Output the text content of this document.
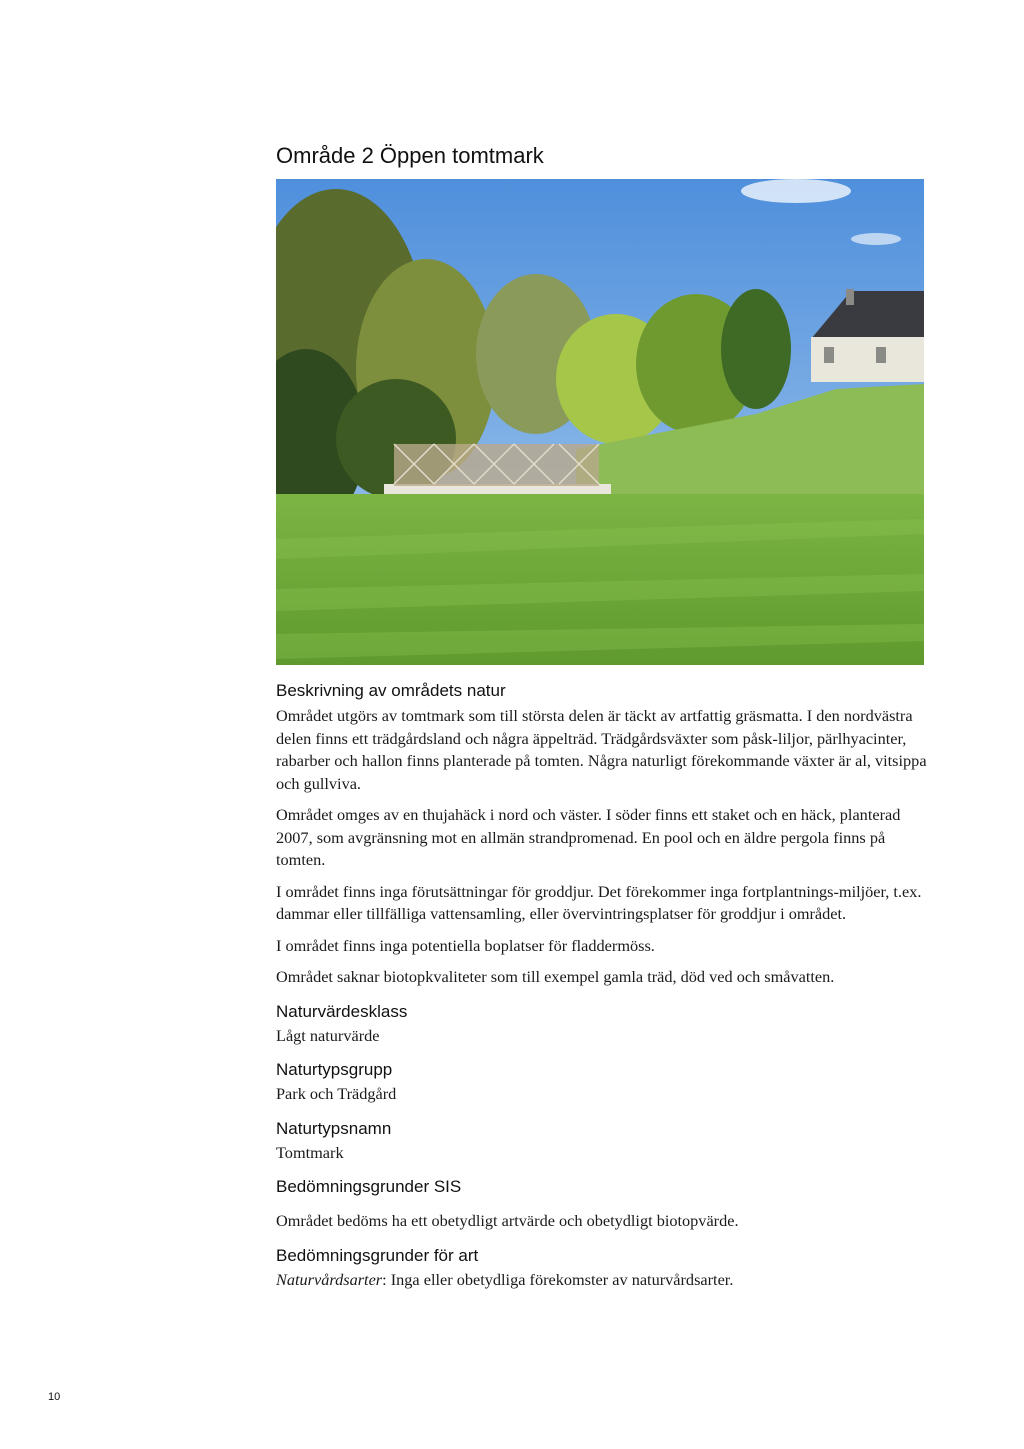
Område 2 Öppen tomtmark
Beskrivning av områdets natur

Området utgörs av tomtmark som till största delen är täckt av artfattig gräsmatta. I den nordvästra delen finns ett trädgårdsland och några äppelträd. Trädgårdsväxter som påsk-liljor, pärlhyacinter, rabarber och hallon finns planterade på tomten. Några naturligt förekommande växter är al, vitsippa och gullviva.

Området omges av en thujahäck i nord och väster. I söder finns ett staket och en häck, planterad 2007, som avgränsning mot en allmän strandpromenad. En pool och en äldre pergola finns på tomten.

I området finns inga förutsättningar för groddjur. Det förekommer inga fortplantnings-miljöer, t.ex. dammar eller tillfälliga vattensamling, eller övervintringsplatser för groddjur i området.

I området finns inga potentiella boplatser för fladdermöss.

Området saknar biotopkvaliteter som till exempel gamla träd, död ved och småvatten.

Naturvärdesklass

Lågt naturvärde

Naturtypsgrupp

Park och Trädgård

Naturtypsnamn

Tomtmark

Bedömningsgrunder SIS

Området bedöms ha ett obetydligt artvärde och obetydligt biotopvärde.

Bedömningsgrunder för art

Naturvårdsarter: Inga eller obetydliga förekomster av naturvårdsarter.

10
